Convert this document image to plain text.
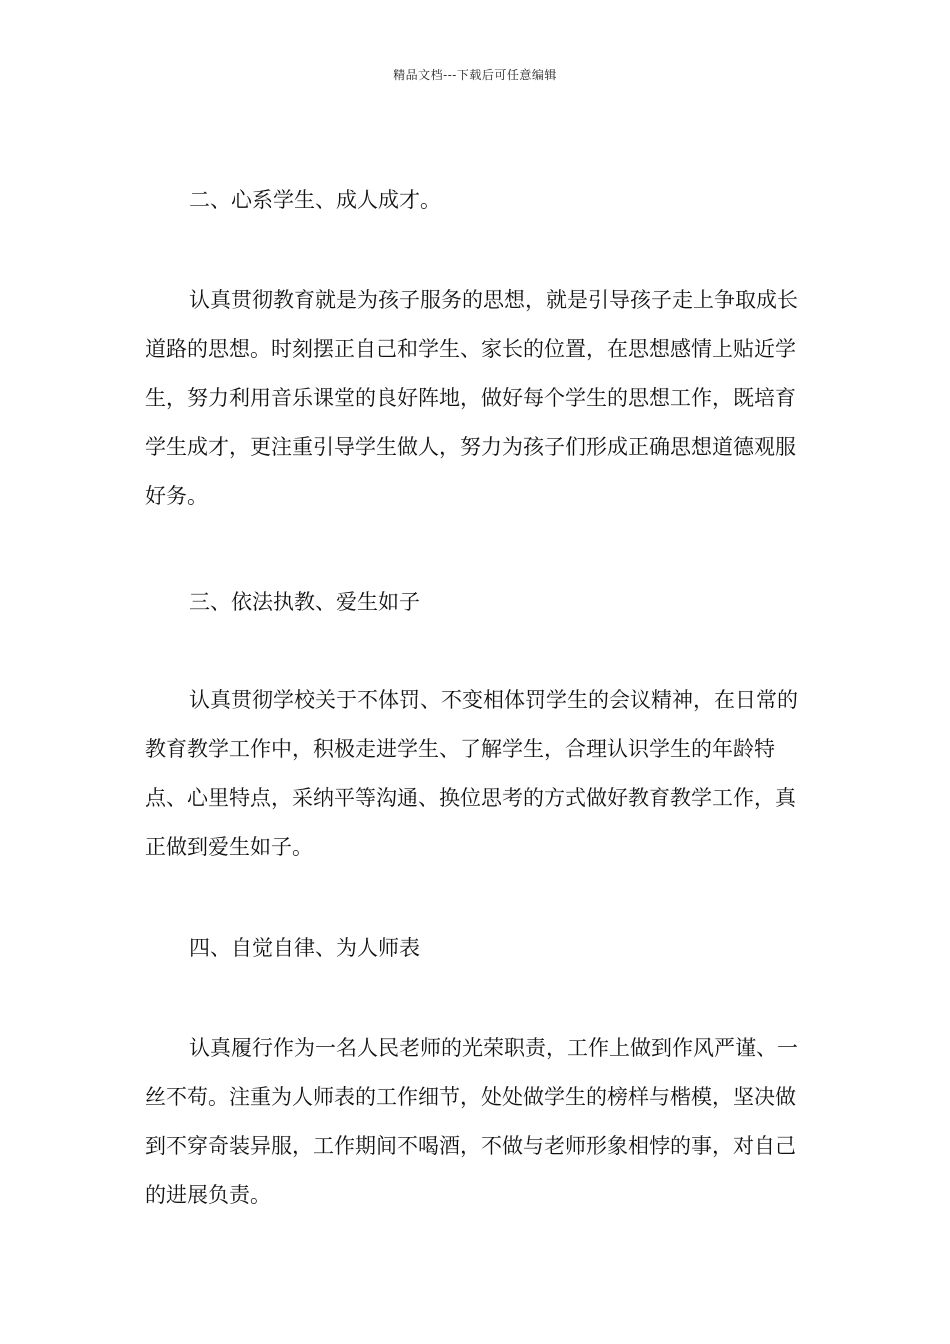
精品文档---下载后可任意编辑

二、心系学生、成人成才。

认真贯彻教育就是为孩子服务的思想，就是引导孩子走上争取成长道路的思想。时刻摆正自己和学生、家长的位置，在思想感情上贴近学生，努力利用音乐课堂的良好阵地，做好每个学生的思想工作，既培育学生成才，更注重引导学生做人，努力为孩子们形成正确思想道德观服好务。

三、依法执教、爱生如子

认真贯彻学校关于不体罚、不变相体罚学生的会议精神，在日常的教育教学工作中，积极走进学生、了解学生，合理认识学生的年龄特点、心里特点，采纳平等沟通、换位思考的方式做好教育教学工作，真正做到爱生如子。

四、自觉自律、为人师表

认真履行作为一名人民老师的光荣职责，工作上做到作风严谨、一丝不苟。注重为人师表的工作细节，处处做学生的榜样与楷模，坚决做到不穿奇装异服，工作期间不喝酒，不做与老师形象相悖的事，对自己的进展负责。
